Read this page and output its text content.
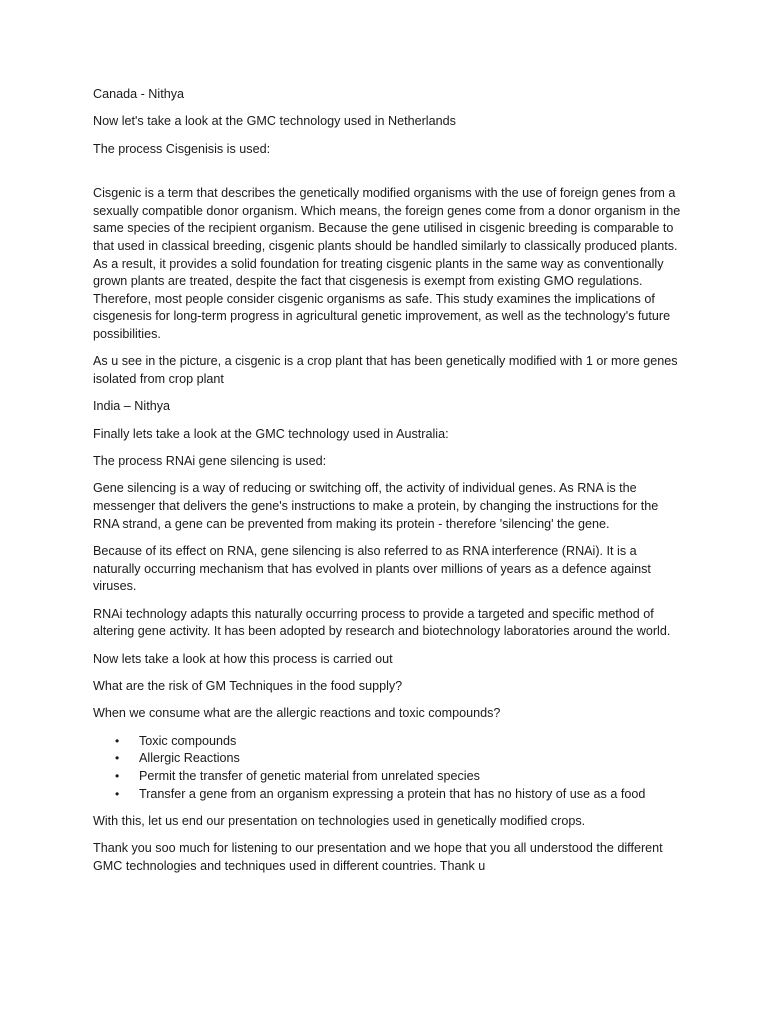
Canada - Nithya

Now let's take a look at the GMC technology used in Netherlands

The process Cisgenisis is used:

Cisgenic is a term that describes the genetically modified organisms with the use of foreign genes from a sexually compatible donor organism. Which means, the foreign genes come from a donor organism in the same species of the recipient organism. Because the gene utilised in cisgenic breeding is comparable to that used in classical breeding, cisgenic plants should be handled similarly to classically produced plants. As a result, it provides a solid foundation for treating cisgenic plants in the same way as conventionally grown plants are treated, despite the fact that cisgenesis is exempt from existing GMO regulations. Therefore, most people consider cisgenic organisms as safe. This study examines the implications of cisgenesis for long-term progress in agricultural genetic improvement, as well as the technology's future possibilities.

As u see in the picture, a cisgenic is a crop plant that has been genetically modified with 1 or more genes isolated from crop plant

India – Nithya

Finally lets take a look at the GMC technology used in Australia:

The process RNAi gene silencing is used:

Gene silencing is a way of reducing or switching off, the activity of individual genes. As RNA is the messenger that delivers the gene's instructions to make a protein, by changing the instructions for the RNA strand, a gene can be prevented from making its protein - therefore 'silencing' the gene.

Because of its effect on RNA, gene silencing is also referred to as RNA interference (RNAi). It is a naturally occurring mechanism that has evolved in plants over millions of years as a defence against viruses.

RNAi technology adapts this naturally occurring process to provide a targeted and specific method of altering gene activity. It has been adopted by research and biotechnology laboratories around the world.

Now lets take a look at how this process is carried out

What are the risk of GM Techniques in the food supply?

When we consume what are the allergic reactions and toxic compounds?

• Toxic compounds
• Allergic Reactions
• Permit the transfer of genetic material from unrelated species
• Transfer a gene from an organism expressing a protein that has no history of use as a food

With this, let us end our presentation on technologies used in genetically modified crops.

Thank you soo much for listening to our presentation and we hope that you all understood the different GMC technologies and techniques used in different countries. Thank u
